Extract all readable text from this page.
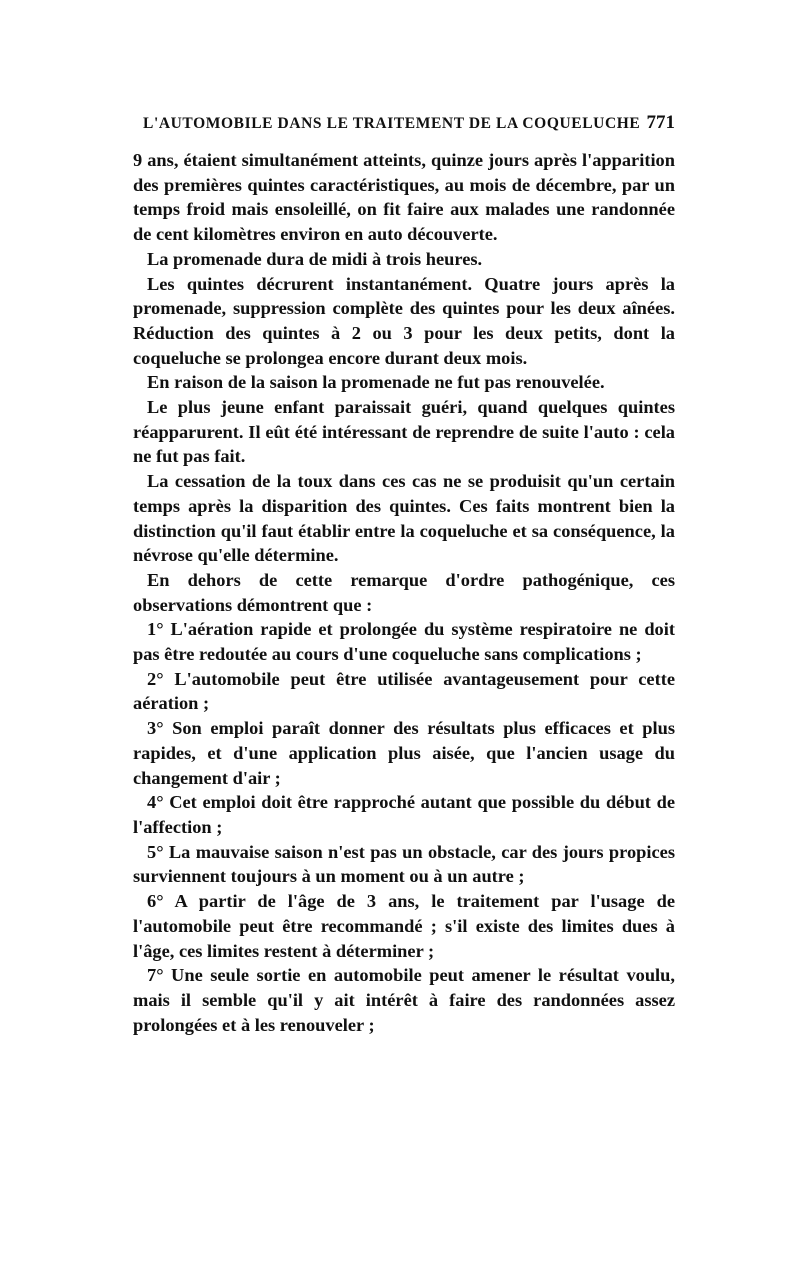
L'AUTOMOBILE DANS LE TRAITEMENT DE LA COQUELUCHE 771

9 ans, étaient simultanément atteints, quinze jours après l'apparition des premières quintes caractéristiques, au mois de décembre, par un temps froid mais ensoleillé, on fit faire aux malades une randonnée de cent kilomètres environ en auto découverte.

La promenade dura de midi à trois heures.

Les quintes décrurent instantanément. Quatre jours après la promenade, suppression complète des quintes pour les deux aînées. Réduction des quintes à 2 ou 3 pour les deux petits, dont la coqueluche se prolongea encore durant deux mois.

En raison de la saison la promenade ne fut pas renouvelée.

Le plus jeune enfant paraissait guéri, quand quelques quintes réapparurent. Il eût été intéressant de reprendre de suite l'auto : cela ne fut pas fait.

La cessation de la toux dans ces cas ne se produisit qu'un certain temps après la disparition des quintes. Ces faits montrent bien la distinction qu'il faut établir entre la coqueluche et sa conséquence, la névrose qu'elle détermine.

En dehors de cette remarque d'ordre pathogénique, ces observations démontrent que :

1° L'aération rapide et prolongée du système respiratoire ne doit pas être redoutée au cours d'une coqueluche sans complications ;

2° L'automobile peut être utilisée avantageusement pour cette aération ;

3° Son emploi paraît donner des résultats plus efficaces et plus rapides, et d'une application plus aisée, que l'ancien usage du changement d'air ;

4° Cet emploi doit être rapproché autant que possible du début de l'affection ;

5° La mauvaise saison n'est pas un obstacle, car des jours propices surviennent toujours à un moment ou à un autre ;

6° A partir de l'âge de 3 ans, le traitement par l'usage de l'automobile peut être recommandé ; s'il existe des limites dues à l'âge, ces limites restent à déterminer ;

7° Une seule sortie en automobile peut amener le résultat voulu, mais il semble qu'il y ait intérêt à faire des randonnées assez prolongées et à les renouveler ;
